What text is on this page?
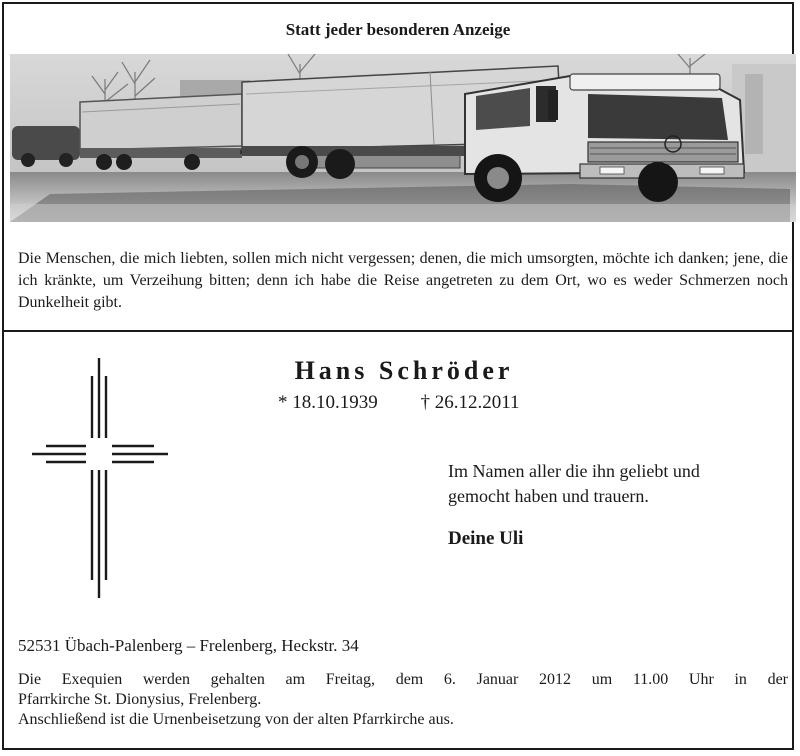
Statt jeder besonderen Anzeige
Die Menschen, die mich liebten, sollen mich nicht vergessen; denen, die mich umsorgten, möchte ich danken; jene, die ich kränkte, um Verzeihung bitten; denn ich habe die Reise angetreten zu dem Ort, wo es weder Schmerzen noch Dunkelheit gibt.
Hans Schröder
* 18.10.1939 † 26.12.2011
Im Namen aller die ihn geliebt und
gemocht haben und trauern.
Deine Uli
52531 Übach-Palenberg – Frelenberg, Heckstr. 34
Die Exequien werden gehalten am Freitag, dem 6. Januar 2012 um 11.00 Uhr in der
Pfarrkirche St. Dionysius, Frelenberg.
Anschließend ist die Urnenbeisetzung von der alten Pfarrkirche aus.
